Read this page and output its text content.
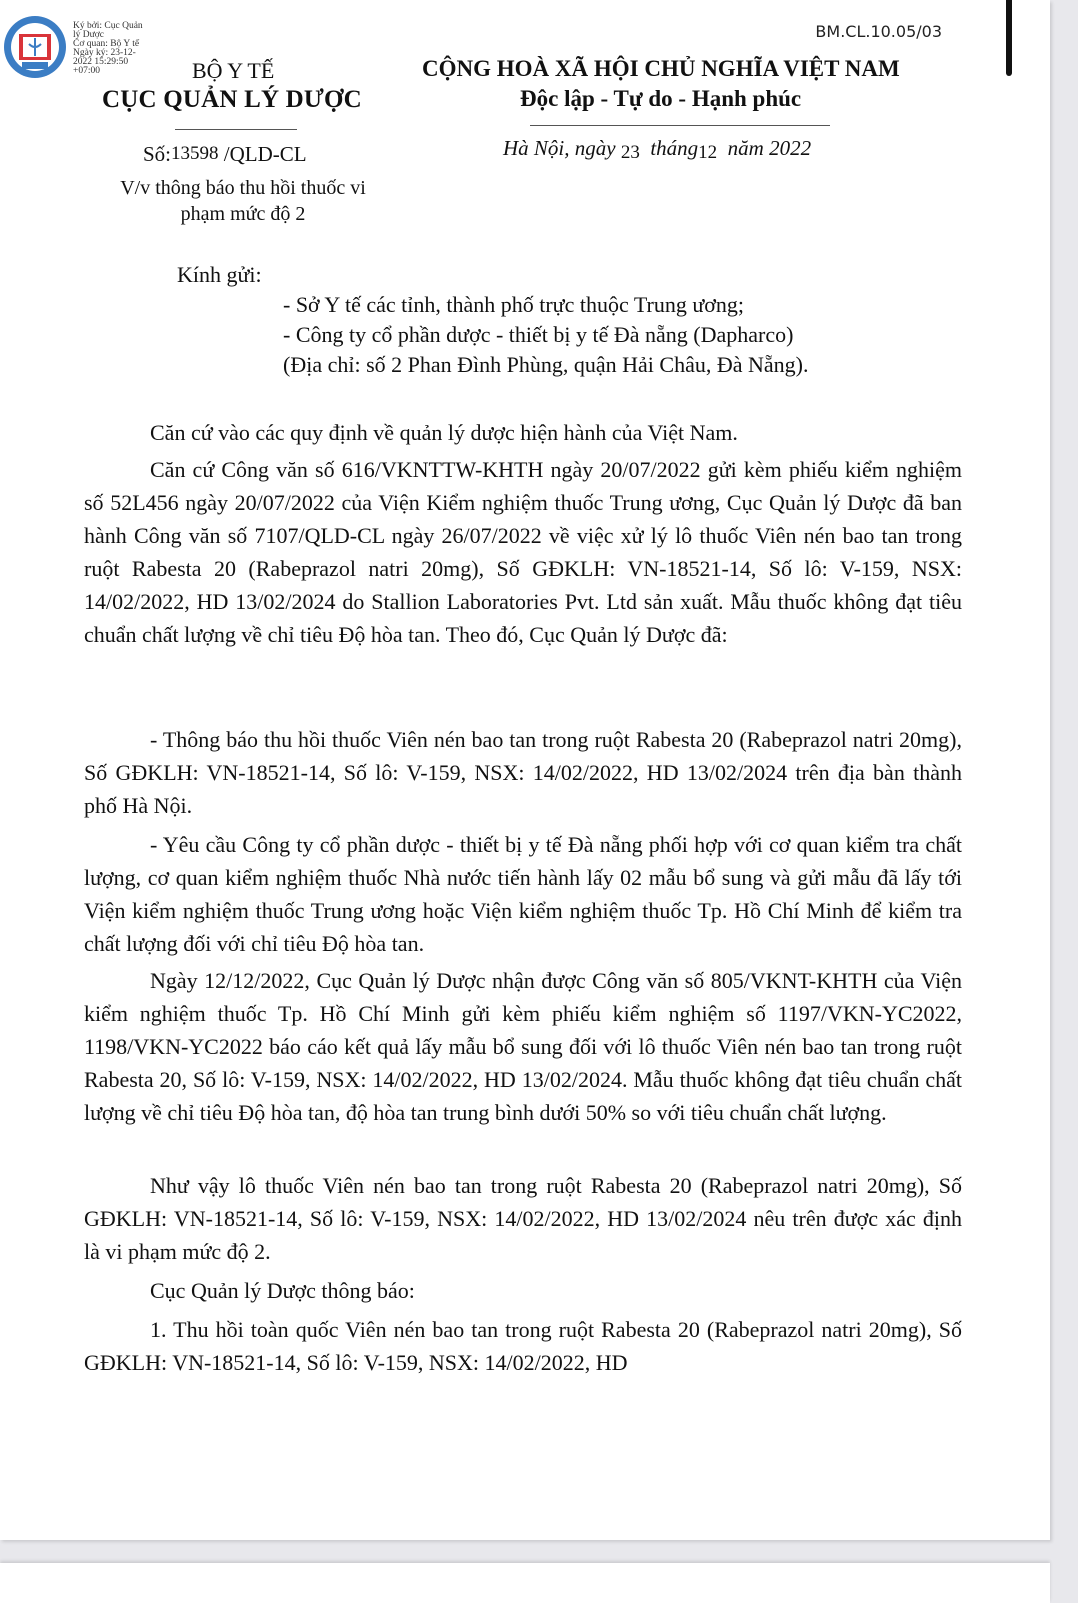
BM.CL.10.05/03
Ký bởi: Cục Quản
lý Dược
Cơ quan: Bộ Y tế
Ngày ký: 23-12-
2022 15:29:50
+07:00	BỘ Y TẾ
CỤC QUẢN LÝ DƯỢC
CỘNG HOÀ XÃ HỘI CHỦ NGHĨA VIỆT NAM
Độc lập - Tự do - Hạnh phúc
Số:13598 /QLD-CL	Hà Nội, ngày 23  tháng12  năm 2022
V/v thông báo thu hồi thuốc vi phạm mức độ 2
Kính gửi:
- Sở Y tế các tỉnh, thành phố trực thuộc Trung ương;
- Công ty cổ phần dược - thiết bị y tế Đà nẵng (Dapharco)
(Địa chỉ: số 2 Phan Đình Phùng, quận Hải Châu, Đà Nẵng).
Căn cứ vào các quy định về quản lý dược hiện hành của Việt Nam.
Căn cứ Công văn số 616/VKNTTW-KHTH ngày 20/07/2022 gửi kèm phiếu kiểm nghiệm số 52L456 ngày 20/07/2022 của Viện Kiểm nghiệm thuốc Trung ương, Cục Quản lý Dược đã ban hành Công văn số 7107/QLD-CL ngày 26/07/2022 về việc xử lý lô thuốc Viên nén bao tan trong ruột Rabesta 20 (Rabeprazol natri 20mg), Số GĐKLH: VN-18521-14, Số lô: V-159, NSX: 14/02/2022, HD 13/02/2024 do Stallion Laboratories Pvt. Ltd sản xuất. Mẫu thuốc không đạt tiêu chuẩn chất lượng về chỉ tiêu Độ hòa tan. Theo đó, Cục Quản lý Dược đã:
- Thông báo thu hồi thuốc Viên nén bao tan trong ruột Rabesta 20 (Rabeprazol natri 20mg), Số GĐKLH: VN-18521-14, Số lô: V-159, NSX: 14/02/2022, HD 13/02/2024 trên địa bàn thành phố Hà Nội.
- Yêu cầu Công ty cổ phần dược - thiết bị y tế Đà nẵng phối hợp với cơ quan kiểm tra chất lượng, cơ quan kiểm nghiệm thuốc Nhà nước tiến hành lấy 02 mẫu bổ sung và gửi mẫu đã lấy tới Viện kiểm nghiệm thuốc Trung ương hoặc Viện kiểm nghiệm thuốc Tp. Hồ Chí Minh để kiểm tra chất lượng đối với chỉ tiêu Độ hòa tan.
Ngày 12/12/2022, Cục Quản lý Dược nhận được Công văn số 805/VKNT-KHTH của Viện kiểm nghiệm thuốc Tp. Hồ Chí Minh gửi kèm phiếu kiểm nghiệm số 1197/VKN-YC2022, 1198/VKN-YC2022 báo cáo kết quả lấy mẫu bổ sung đối với lô thuốc Viên nén bao tan trong ruột Rabesta 20, Số lô: V-159, NSX: 14/02/2022, HD 13/02/2024. Mẫu thuốc không đạt tiêu chuẩn chất lượng về chỉ tiêu Độ hòa tan, độ hòa tan trung bình dưới 50% so với tiêu chuẩn chất lượng.
Như vậy lô thuốc Viên nén bao tan trong ruột Rabesta 20 (Rabeprazol natri 20mg), Số GĐKLH: VN-18521-14, Số lô: V-159, NSX: 14/02/2022, HD 13/02/2024 nêu trên được xác định là vi phạm mức độ 2.
Cục Quản lý Dược thông báo:
1. Thu hồi toàn quốc Viên nén bao tan trong ruột Rabesta 20 (Rabeprazol natri 20mg), Số GĐKLH: VN-18521-14, Số lô: V-159, NSX: 14/02/2022, HD
